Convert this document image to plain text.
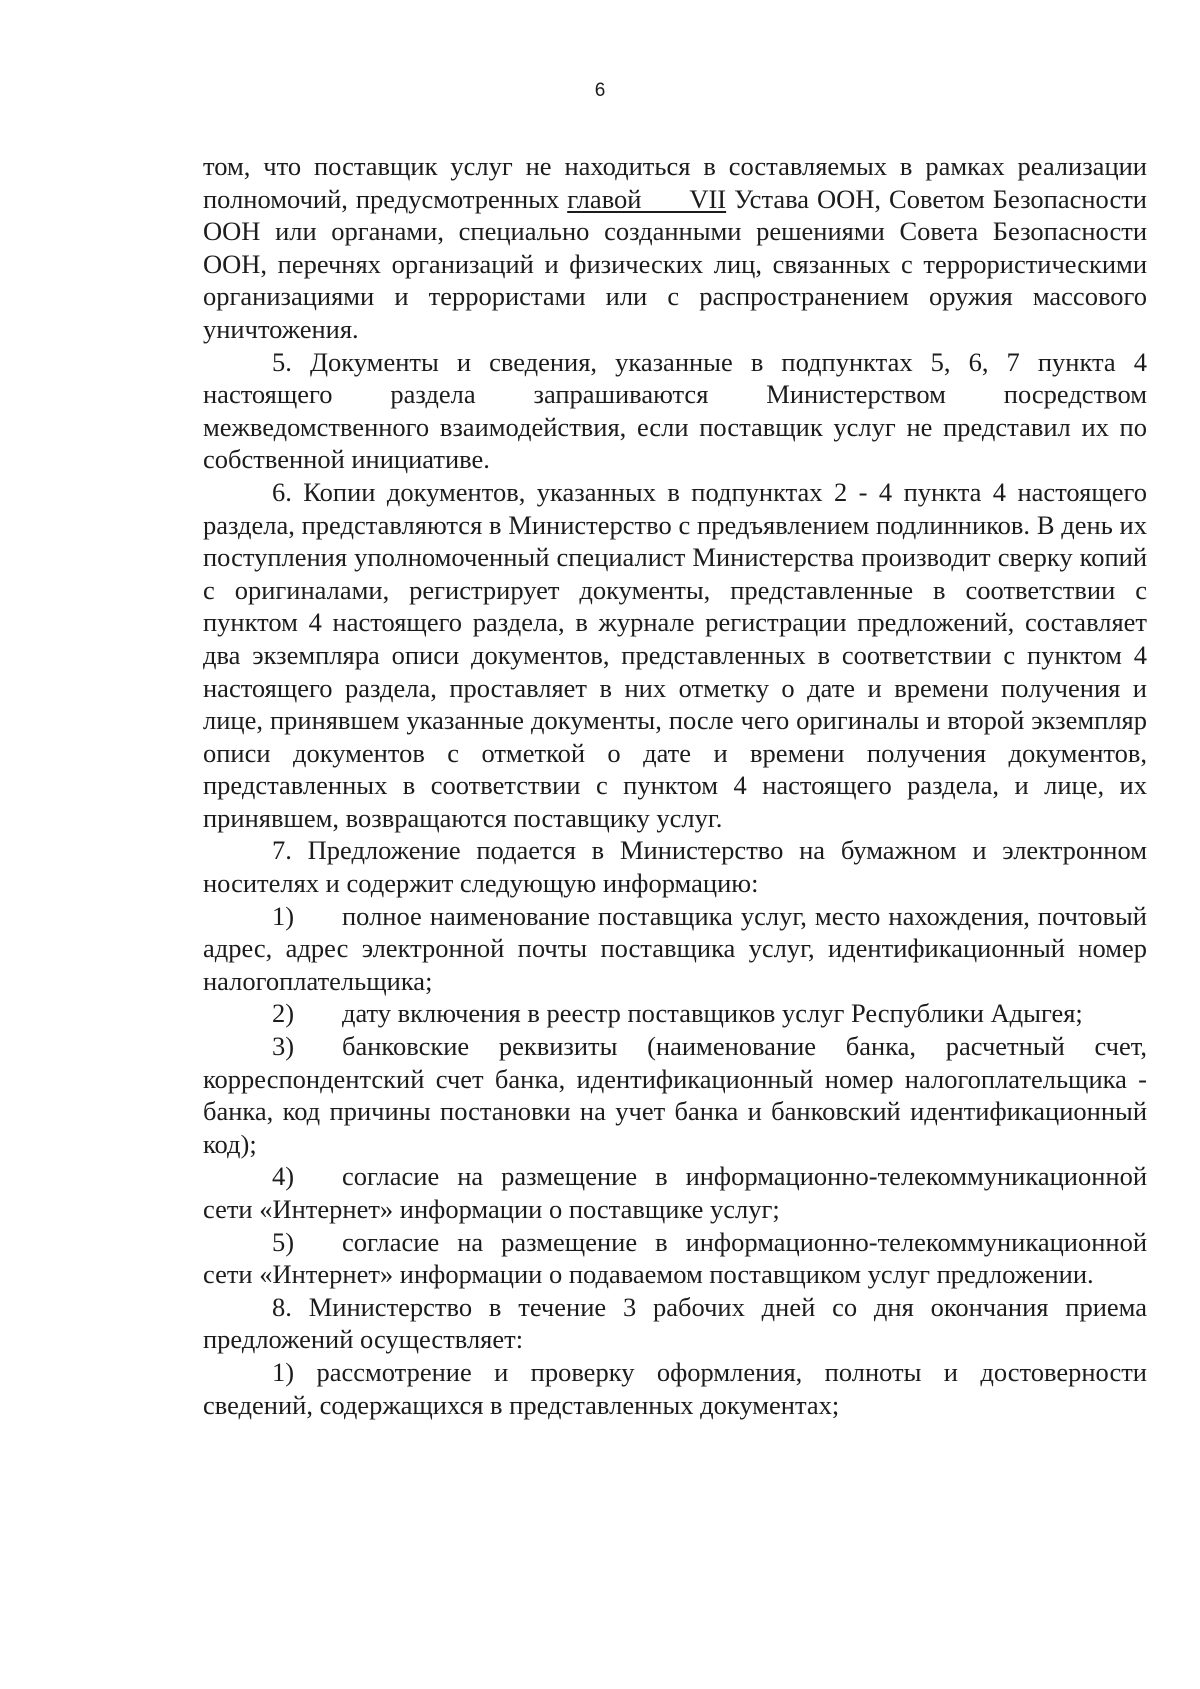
6

том, что поставщик услуг не находиться в составляемых в рамках реализации полномочий, предусмотренных главой      VII Устава ООН, Советом Безопасности ООН или органами, специально созданными решениями Совета Безопасности ООН, перечнях организаций и физических лиц, связанных с террористическими организациями и террористами или с распространением оружия массового уничтожения.

5. Документы и сведения, указанные в подпунктах 5, 6, 7 пункта 4 настоящего раздела запрашиваются Министерством посредством межведомственного взаимодействия, если поставщик услуг не представил их по собственной инициативе.

6. Копии документов, указанных в подпунктах 2 - 4 пункта 4 настоящего раздела, представляются в Министерство с предъявлением подлинников. В день их поступления уполномоченный специалист Министерства производит сверку копий с оригиналами, регистрирует документы, представленные в соответствии с пунктом 4 настоящего раздела, в журнале регистрации предложений, составляет два экземпляра описи документов, представленных в соответствии с пунктом 4 настоящего раздела, проставляет в них отметку о дате и времени получения и лице, принявшем указанные документы, после чего оригиналы и второй экземпляр описи документов с отметкой о дате и времени получения документов, представленных в соответствии с пунктом 4 настоящего раздела, и лице, их принявшем, возвращаются поставщику услуг.

7. Предложение подается в Министерство на бумажном и электронном носителях и содержит следующую информацию:

1) полное наименование поставщика услуг, место нахождения, почтовый адрес, адрес электронной почты поставщика услуг, идентификационный номер налогоплательщика;

2) дату включения в реестр поставщиков услуг Республики Адыгея;

3) банковские реквизиты (наименование банка, расчетный счет, корреспондентский счет банка, идентификационный номер налогоплательщика - банка, код причины постановки на учет банка и банковский идентификационный код);

4) согласие на размещение в информационно-телекоммуникационной сети «Интернет» информации о поставщике услуг;

5) согласие на размещение в информационно-телекоммуникационной сети «Интернет» информации о подаваемом поставщиком услуг предложении.

8. Министерство в течение 3 рабочих дней со дня окончания приема предложений осуществляет:

1) рассмотрение и проверку оформления, полноты и достоверности сведений, содержащихся в представленных документах;
